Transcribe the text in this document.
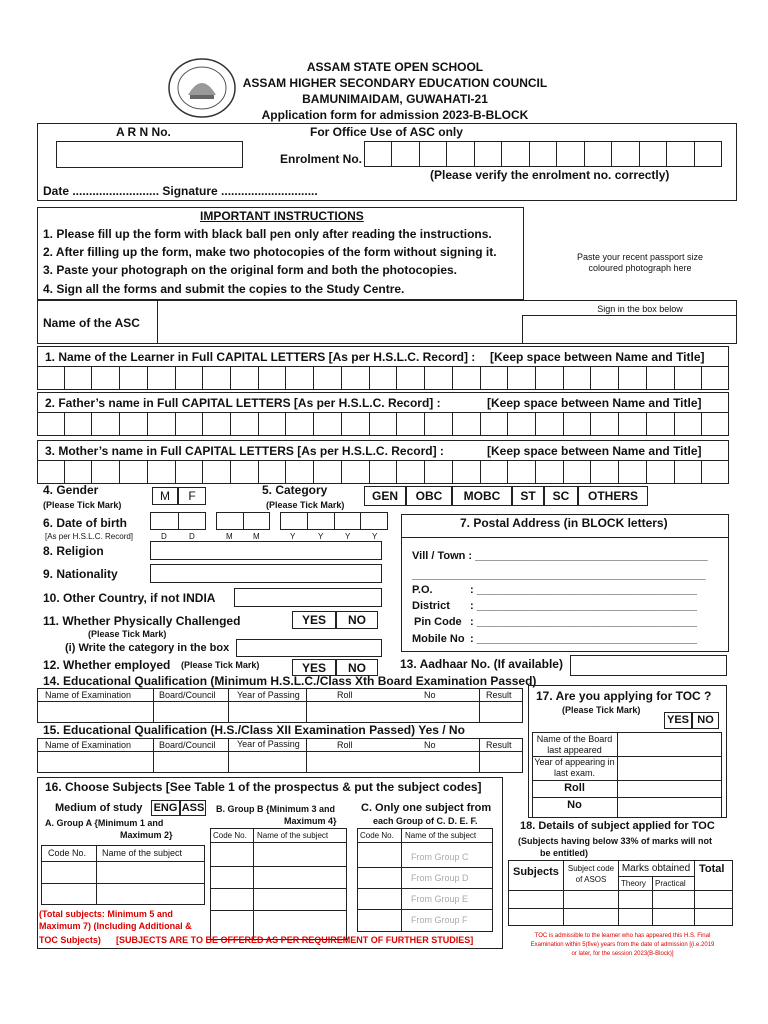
ASSAM STATE OPEN SCHOOL
ASSAM HIGHER SECONDARY EDUCATION COUNCIL
BAMUNIMAIDAM, GUWAHATI-21
Application form for admission 2023-B-BLOCK
A R N No.	For Office Use of ASC only
Enrolment No.
(Please verify the enrolment no. correctly)
Date .......................... Signature .............................
IMPORTANT INSTRUCTIONS
1. Please fill up the form with black ball pen only after reading the instructions.
2. After filling up the form, make two photocopies of the form without signing it.
3. Paste your photograph on the original form and both the photocopies.
4. Sign all the forms and submit the copies to the Study Centre.
Paste your recent passport size
coloured photograph here
Sign in the box below
Name of the ASC
1. Name of the Learner in Full CAPITAL LETTERS [As per H.S.L.C. Record] : [Keep space between Name and Title]
2. Father’s name in Full CAPITAL LETTERS [As per H.S.L.C. Record] :	[Keep space between Name and Title]
3. Mother’s name in Full CAPITAL LETTERS [As per H.S.L.C. Record] :	[Keep space between Name and Title]
4. Gender
(Please Tick Mark)
M	F	5. Category
(Please Tick Mark)
GEN	OBC	MOBC	ST	SC	OTHERS
6. Date of birth
[As per H.S.L.C. Record]	D	D	M	M	Y	Y	Y	Y
8. Religion
9. Nationality
10. Other Country, if not INDIA
11. Whether Physically Challenged
(Please Tick Mark)
YES	NO
(i) Write the category in the box
12. Whether employed (Please Tick Mark)	YES	NO	13. Aadhaar No. (If available)
7. Postal Address (in BLOCK letters)
Vill / Town : ______________________________________
________________________________________________
P.O.	: ____________________________________
District : ____________________________________
Pin Code : ____________________________________
Mobile No : ____________________________________
14. Educational Qualification (Minimum H.S.L.C./Class Xth Board Examination Passed)
Name of Examination	Board/Council Year of Passing	Roll	No	Result
15. Educational Qualification (H.S./Class XII Examination Passed) Yes / No
Name of Examination	Board/Council Year of Passing	Roll	No	Result
17. Are you applying for TOC ?
(Please Tick Mark)
YES NO
Name of the Board last appeared
Year of appearing in last exam.
Roll
No
16. Choose Subjects [See Table 1 of the prospectus & put the subject codes]
Medium of study ENG ASS
A. Group A {Minimum 1 and
Maximum 2}
B. Group B {Minimum 3 and
Maximum 4}
C. Only one subject from
each Group of C. D. E. F.
Code No. Name of the subject
Code No. Name of the subject	Code No. Name of the subject
From Group C
From Group D
From Group E
From Group F
(Total subjects: Minimum 5 and
Maximum 7) (Including Additional &
TOC Subjects) [SUBJECTS ARE TO BE OFFERED AS PER REQUIREMENT OF FURTHER STUDIES]
18. Details of subject applied for TOC
(Subjects having below 33% of marks will not
be entitled)
Subjects	Subject code of ASOS
Marks obtained Total
Theory Practical
TOC is admissible to the learner who has appeared this H.S. Final
Examination within 5(five) years from the date of admission [(i.e.2019
or later, for the session 2023(B-Block)]
